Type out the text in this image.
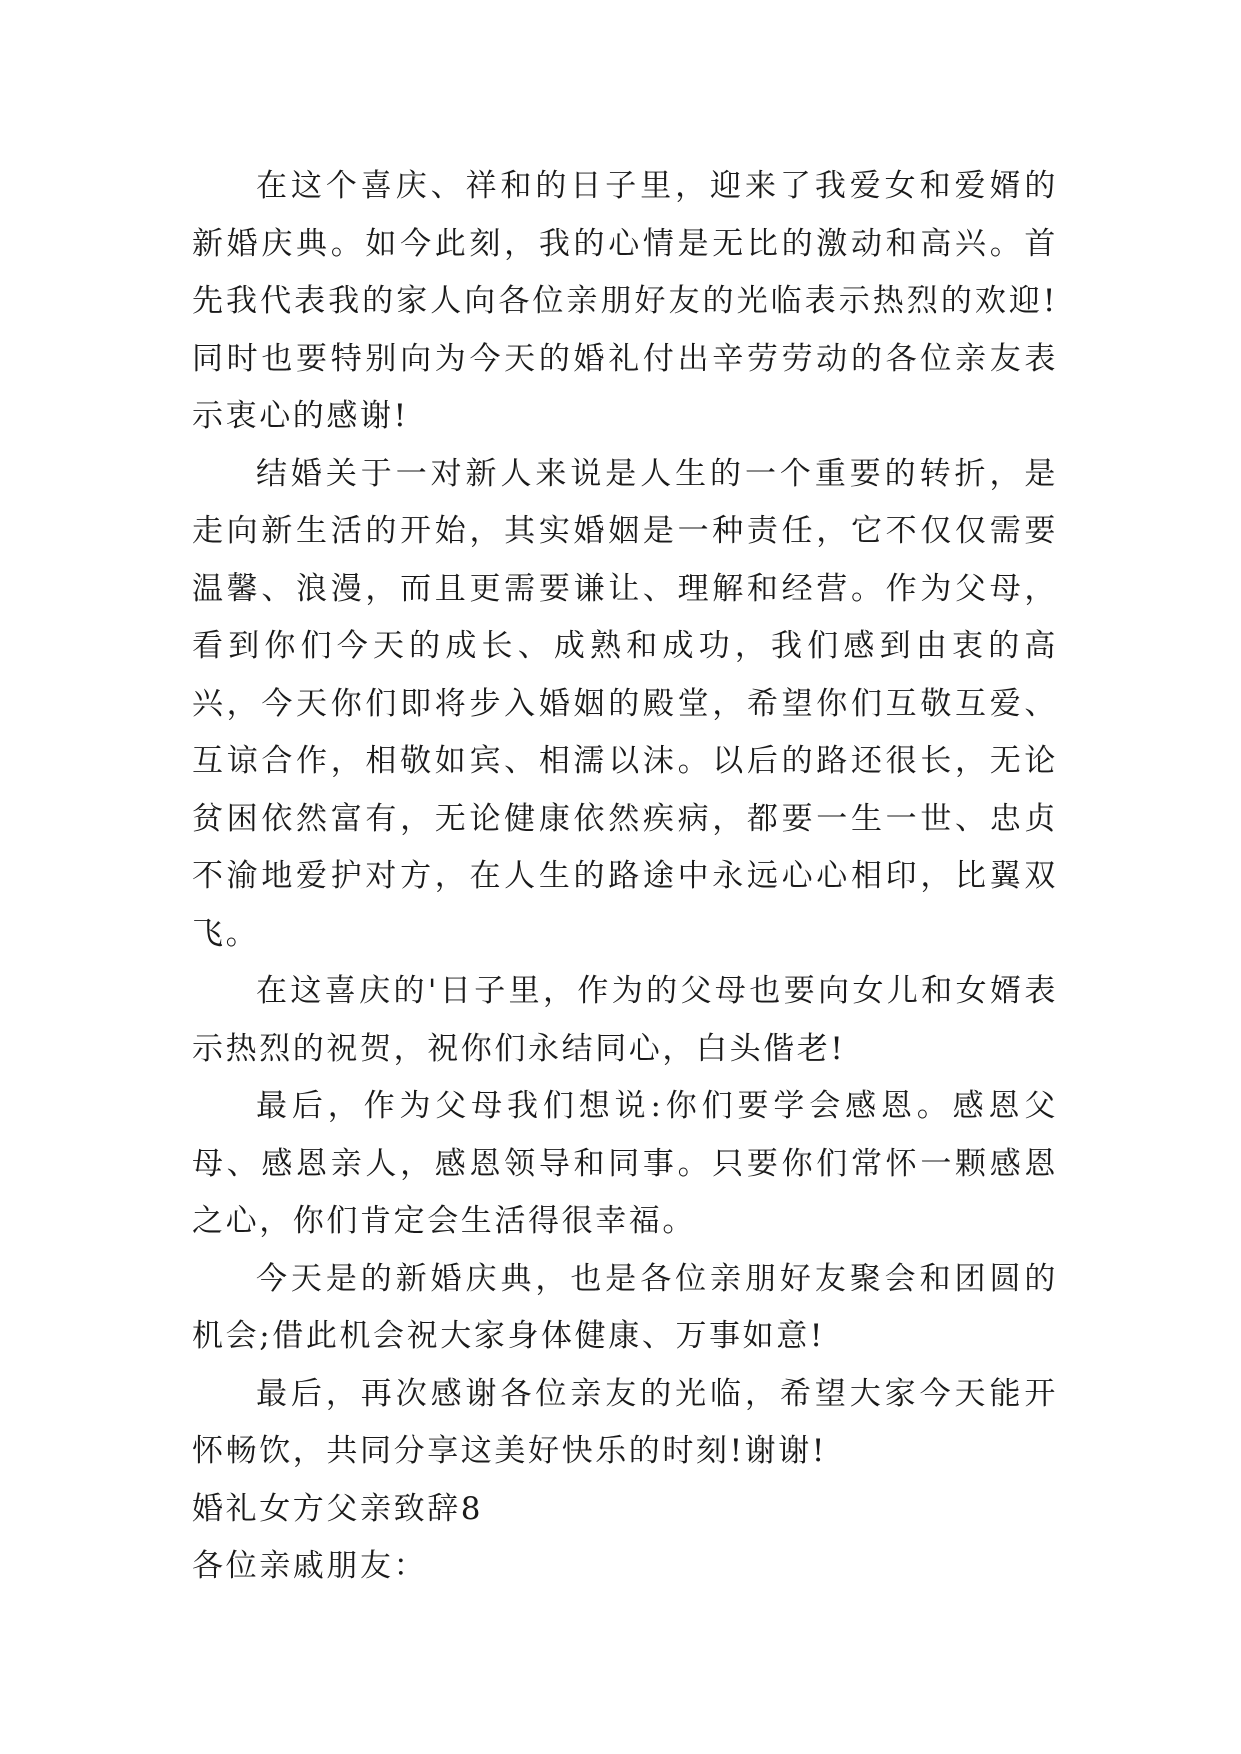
在这个喜庆、祥和的日子里，迎来了我爱女和爱婿的新婚庆典。如今此刻，我的心情是无比的激动和高兴。首先我代表我的家人向各位亲朋好友的光临表示热烈的欢迎!同时也要特别向为今天的婚礼付出辛劳劳动的各位亲友表示衷心的感谢!

结婚关于一对新人来说是人生的一个重要的转折，是走向新生活的开始，其实婚姻是一种责任，它不仅仅需要温馨、浪漫，而且更需要谦让、理解和经营。作为父母，看到你们今天的成长、成熟和成功，我们感到由衷的高兴，今天你们即将步入婚姻的殿堂，希望你们互敬互爱、互谅合作，相敬如宾、相濡以沫。以后的路还很长，无论贫困依然富有，无论健康依然疾病，都要一生一世、忠贞不渝地爱护对方，在人生的路途中永远心心相印，比翼双飞。

在这喜庆的'日子里，作为的父母也要向女儿和女婿表示热烈的祝贺，祝你们永结同心，白头偕老!

最后，作为父母我们想说:你们要学会感恩。感恩父母、感恩亲人，感恩领导和同事。只要你们常怀一颗感恩之心，你们肯定会生活得很幸福。

今天是的新婚庆典，也是各位亲朋好友聚会和团圆的机会;借此机会祝大家身体健康、万事如意!

最后，再次感谢各位亲友的光临，希望大家今天能开怀畅饮，共同分享这美好快乐的时刻!谢谢!

婚礼女方父亲致辞8

各位亲戚朋友：
